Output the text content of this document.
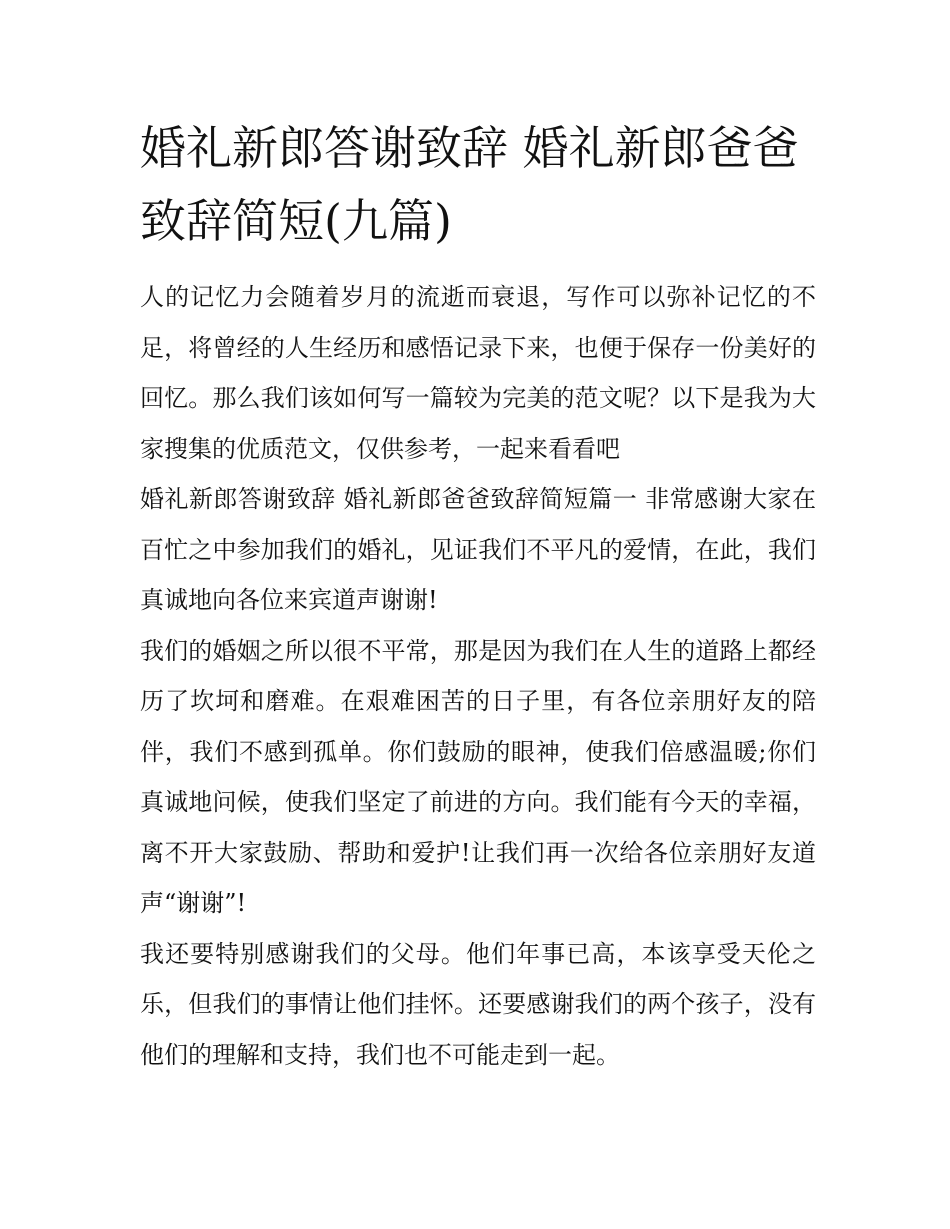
婚礼新郎答谢致辞 婚礼新郎爸爸致辞简短(九篇)

人的记忆力会随着岁月的流逝而衰退，写作可以弥补记忆的不足，将曾经的人生经历和感悟记录下来，也便于保存一份美好的回忆。那么我们该如何写一篇较为完美的范文呢？以下是我为大家搜集的优质范文，仅供参考，一起来看看吧

婚礼新郎答谢致辞 婚礼新郎爸爸致辞简短篇一 非常感谢大家在百忙之中参加我们的婚礼，见证我们不平凡的爱情，在此，我们真诚地向各位来宾道声谢谢!

我们的婚姻之所以很不平常，那是因为我们在人生的道路上都经历了坎坷和磨难。在艰难困苦的日子里，有各位亲朋好友的陪伴，我们不感到孤单。你们鼓励的眼神，使我们倍感温暖;你们真诚地问候，使我们坚定了前进的方向。我们能有今天的幸福，离不开大家鼓励、帮助和爱护!让我们再一次给各位亲朋好友道声“谢谢”!

我还要特别感谢我们的父母。他们年事已高，本该享受天伦之乐，但我们的事情让他们挂怀。还要感谢我们的两个孩子，没有他们的理解和支持，我们也不可能走到一起。
